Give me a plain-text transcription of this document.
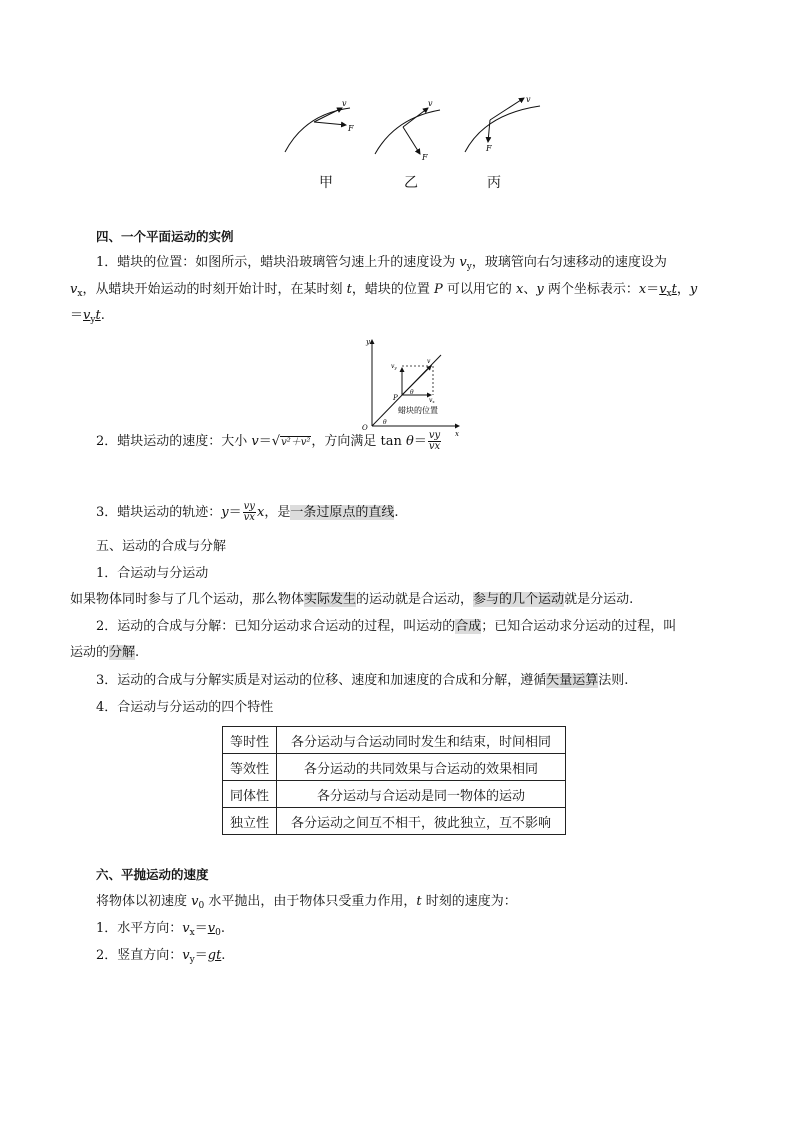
v
F
v
F
v
F
甲	乙	丙
四、一个平面运动的实例
1．蜡块的位置：如图所示，蜡块沿玻璃管匀速上升的速度设为 $v_y$，玻璃管向右匀速移动的速度设为
$v_x$，从蜡块开始运动的时刻开始计时，在某时刻 t，蜡块的位置 P 可以用它的 x、y 两个坐标表示：$x=v_xt$，y
$=v_yt$.
y
x
O
P
v
vy
vx
θ
θ
蜡块的位置
2．蜡块运动的速度：大小 v＝√v²＋v²，方向满足 $\tan \theta= \frac{vy}{vx}$
3．蜡块运动的轨迹：$y= \frac{vy}{vx}$ x，是一条过原点的直线.
五、运动的合成与分解
1．合运动与分运动
如果物体同时参与了几个运动，那么物体实际发生的运动就是合运动，参与的几个运动就是分运动.
2．运动的合成与分解：已知分运动求合运动的过程，叫运动的合成；已知合运动求分运动的过程，叫
运动的分解.
3．运动的合成与分解实质是对运动的位移、速度和加速度的合成和分解，遵循矢量运算法则.
4．合运动与分运动的四个特性
等时性	各分运动与合运动同时发生和结束，时间相同
等效性	各分运动的共同效果与合运动的效果相同
同体性	各分运动与合运动是同一物体的运动
独立性	各分运动之间互不相干，彼此独立，互不影响
六、平抛运动的速度
将物体以初速度 $v_0$ 水平抛出，由于物体只受重力作用，t 时刻的速度为：
1．水平方向：$v_x=v_0$.
2．竖直方向：$v_y=gt$.
